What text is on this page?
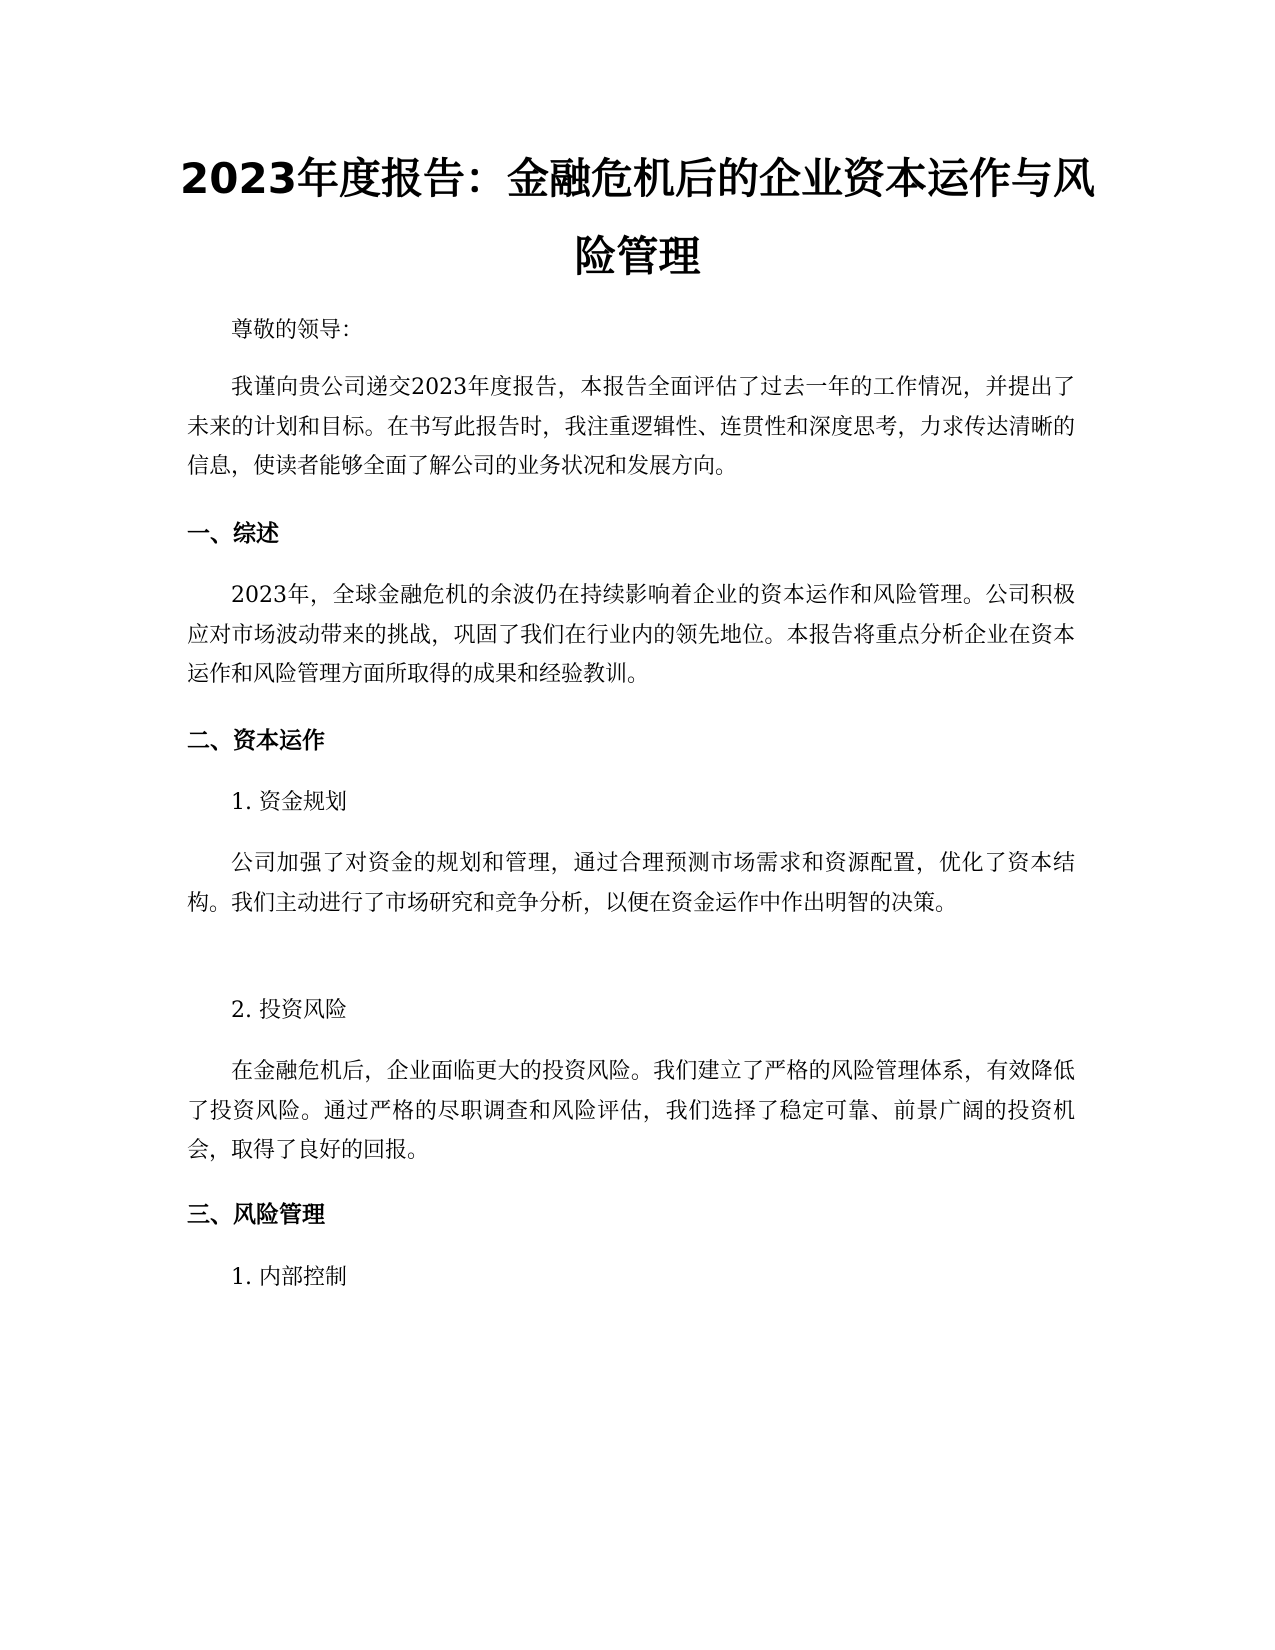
2023年度报告：金融危机后的企业资本运作与风险管理

尊敬的领导：

我谨向贵公司递交2023年度报告，本报告全面评估了过去一年的工作情况，并提出了未来的计划和目标。在书写此报告时，我注重逻辑性、连贯性和深度思考，力求传达清晰的信息，使读者能够全面了解公司的业务状况和发展方向。

一、综述

2023年，全球金融危机的余波仍在持续影响着企业的资本运作和风险管理。公司积极应对市场波动带来的挑战，巩固了我们在行业内的领先地位。本报告将重点分析企业在资本运作和风险管理方面所取得的成果和经验教训。

二、资本运作

1. 资金规划

公司加强了对资金的规划和管理，通过合理预测市场需求和资源配置，优化了资本结构。我们主动进行了市场研究和竞争分析，以便在资金运作中作出明智的决策。

2. 投资风险

在金融危机后，企业面临更大的投资风险。我们建立了严格的风险管理体系，有效降低了投资风险。通过严格的尽职调查和风险评估，我们选择了稳定可靠、前景广阔的投资机会，取得了良好的回报。

三、风险管理

1. 内部控制
